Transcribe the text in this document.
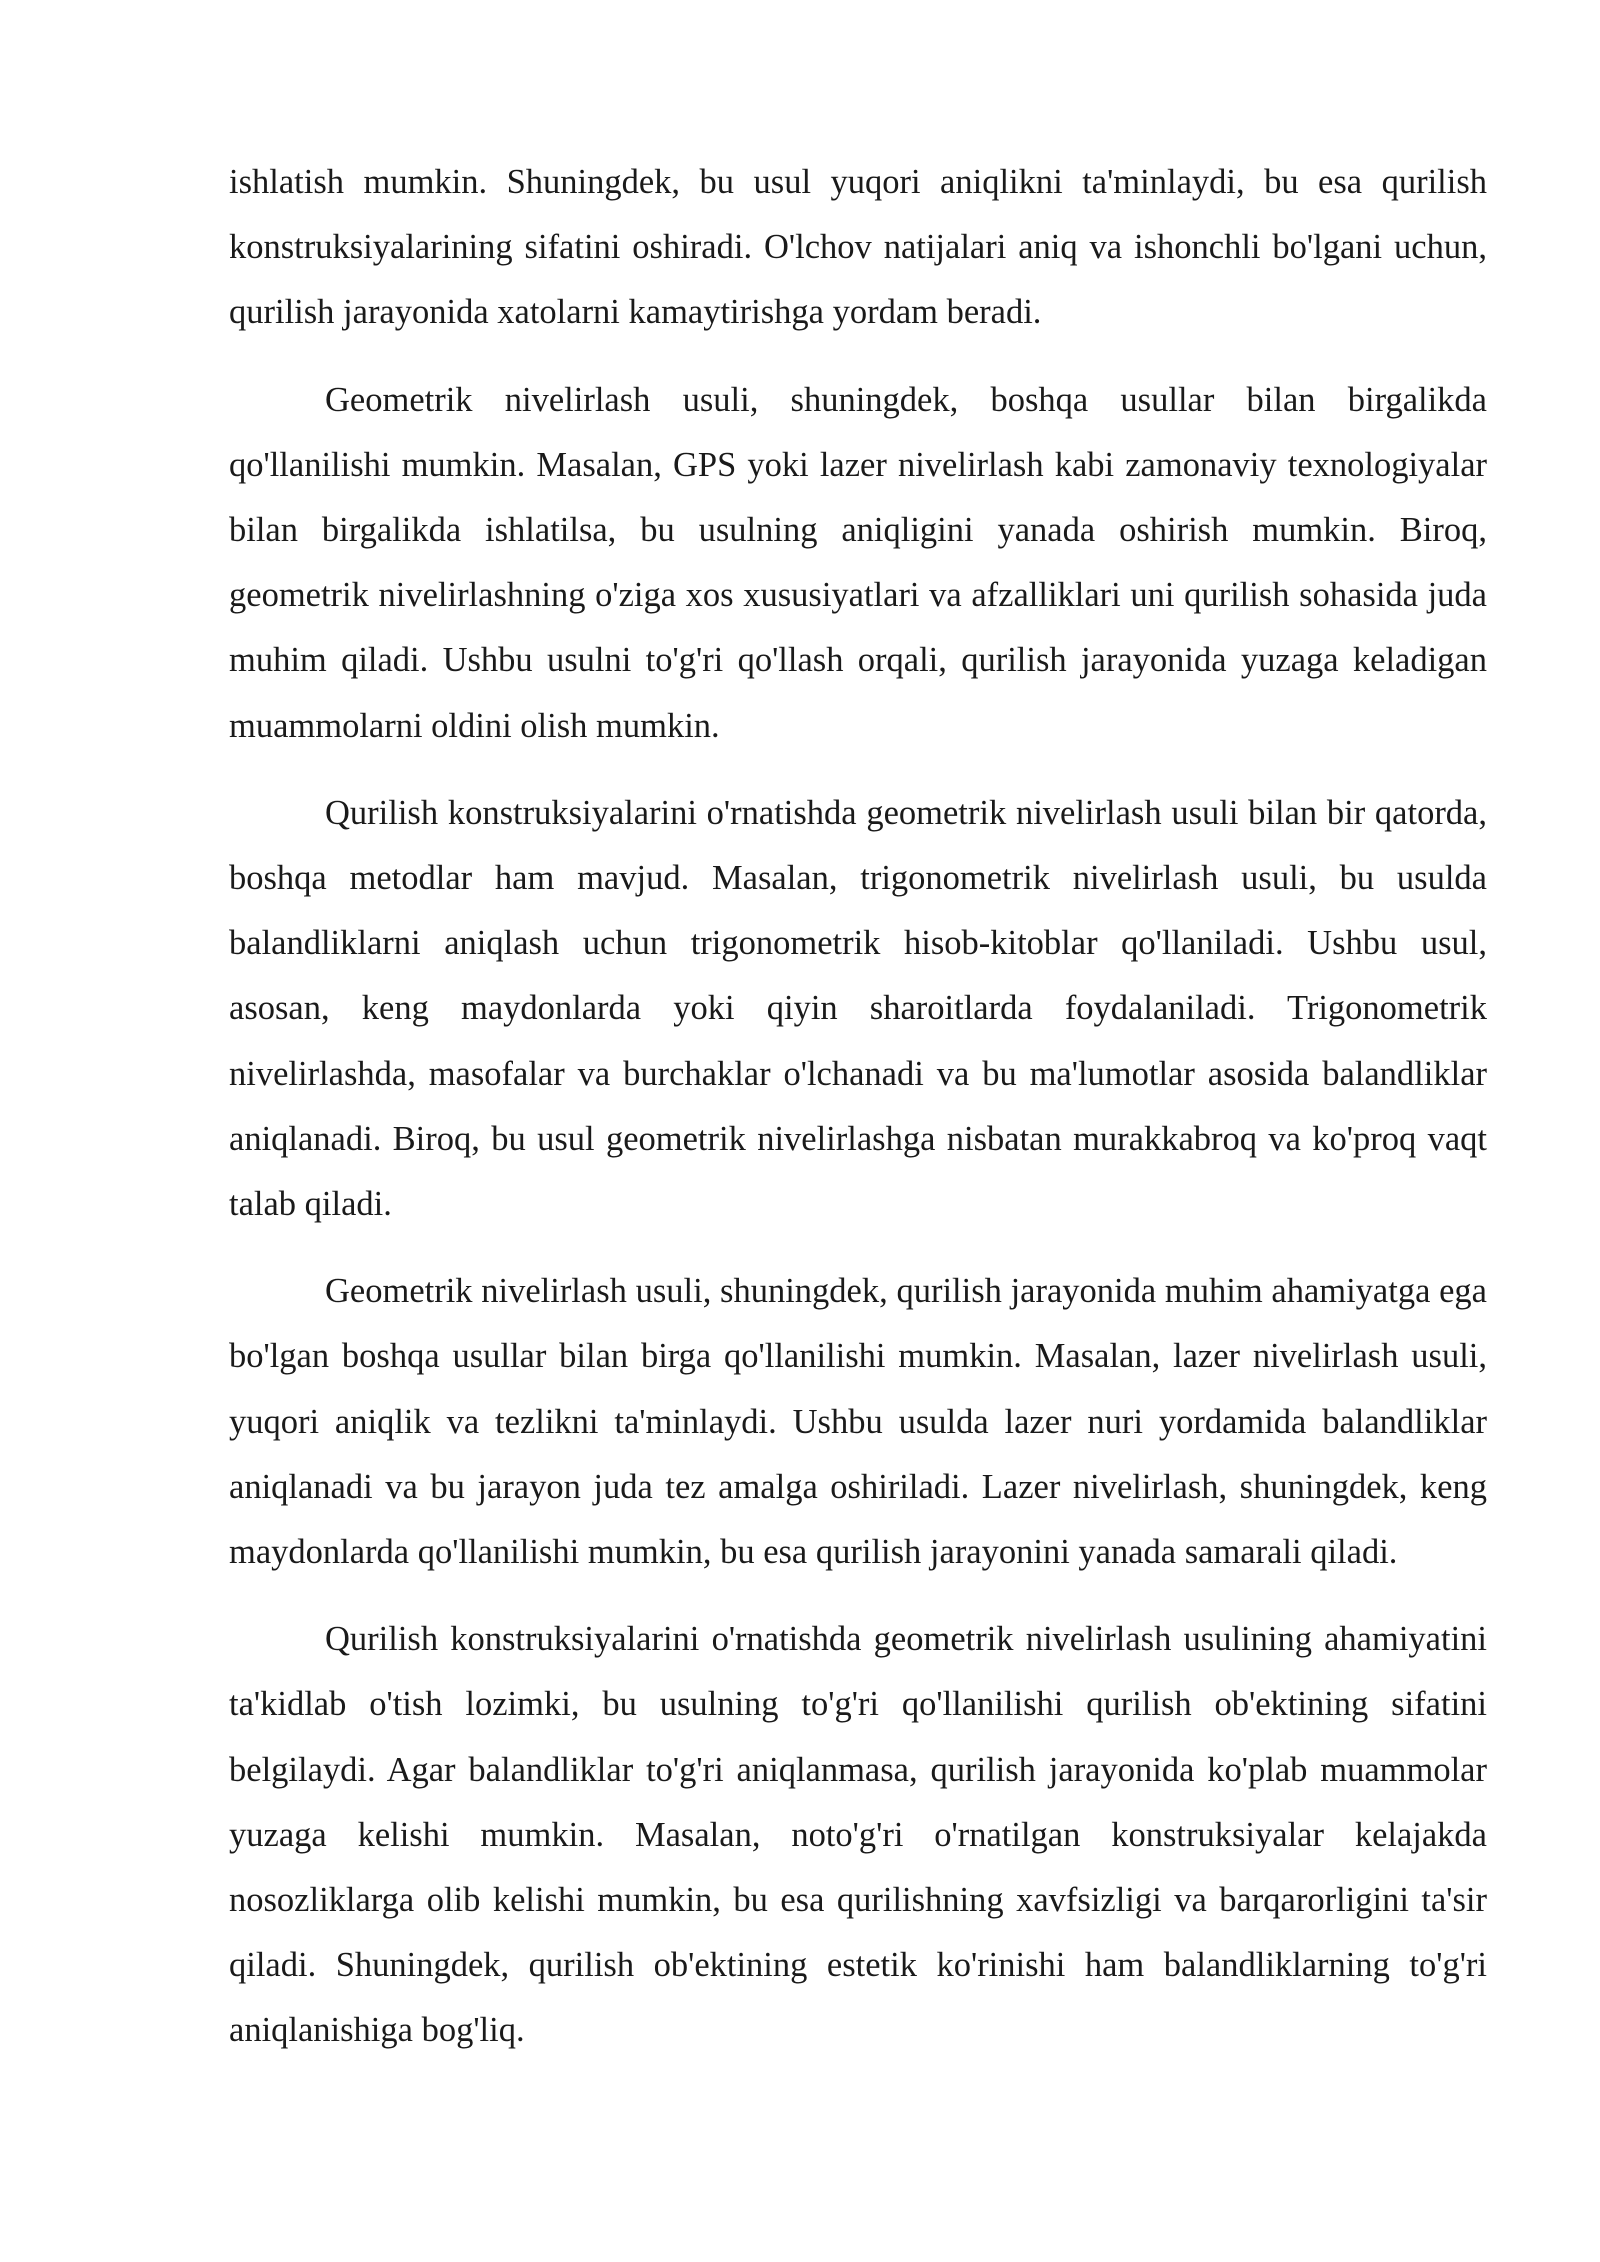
ishlatish mumkin. Shuningdek, bu usul yuqori aniqlikni ta'minlaydi, bu esa qurilish konstruksiyalarining sifatini oshiradi. O'lchov natijalari aniq va ishonchli bo'lgani uchun, qurilish jarayonida xatolarni kamaytirishga yordam beradi.

Geometrik nivelirlash usuli, shuningdek, boshqa usullar bilan birgalikda qo'llanilishi mumkin. Masalan, GPS yoki lazer nivelirlash kabi zamonaviy texnologiyalar bilan birgalikda ishlatilsa, bu usulning aniqligini yanada oshirish mumkin. Biroq, geometrik nivelirlashning o'ziga xos xususiyatlari va afzalliklari uni qurilish sohasida juda muhim qiladi. Ushbu usulni to'g'ri qo'llash orqali, qurilish jarayonida yuzaga keladigan muammolarni oldini olish mumkin.

Qurilish konstruksiyalarini o'rnatishda geometrik nivelirlash usuli bilan bir qatorda, boshqa metodlar ham mavjud. Masalan, trigonometrik nivelirlash usuli, bu usulda balandliklarni aniqlash uchun trigonometrik hisob-kitoblar qo'llaniladi. Ushbu usul, asosan, keng maydonlarda yoki qiyin sharoitlarda foydalaniladi. Trigonometrik nivelirlashda, masofalar va burchaklar o'lchanadi va bu ma'lumotlar asosida balandliklar aniqlanadi. Biroq, bu usul geometrik nivelirlashga nisbatan murakkabroq va ko'proq vaqt talab qiladi.

Geometrik nivelirlash usuli, shuningdek, qurilish jarayonida muhim ahamiyatga ega bo'lgan boshqa usullar bilan birga qo'llanilishi mumkin. Masalan, lazer nivelirlash usuli, yuqori aniqlik va tezlikni ta'minlaydi. Ushbu usulda lazer nuri yordamida balandliklar aniqlanadi va bu jarayon juda tez amalga oshiriladi. Lazer nivelirlash, shuningdek, keng maydonlarda qo'llanilishi mumkin, bu esa qurilish jarayonini yanada samarali qiladi.

Qurilish konstruksiyalarini o'rnatishda geometrik nivelirlash usulining ahamiyatini ta'kidlab o'tish lozimki, bu usulning to'g'ri qo'llanilishi qurilish ob'ektining sifatini belgilaydi. Agar balandliklar to'g'ri aniqlanmasa, qurilish jarayonida ko'plab muammolar yuzaga kelishi mumkin. Masalan, noto'g'ri o'rnatilgan konstruksiyalar kelajakda nosozliklarga olib kelishi mumkin, bu esa qurilishning xavfsizligi va barqarorligini ta'sir qiladi. Shuningdek, qurilish ob'ektining estetik ko'rinishi ham balandliklarning to'g'ri aniqlanishiga bog'liq.
